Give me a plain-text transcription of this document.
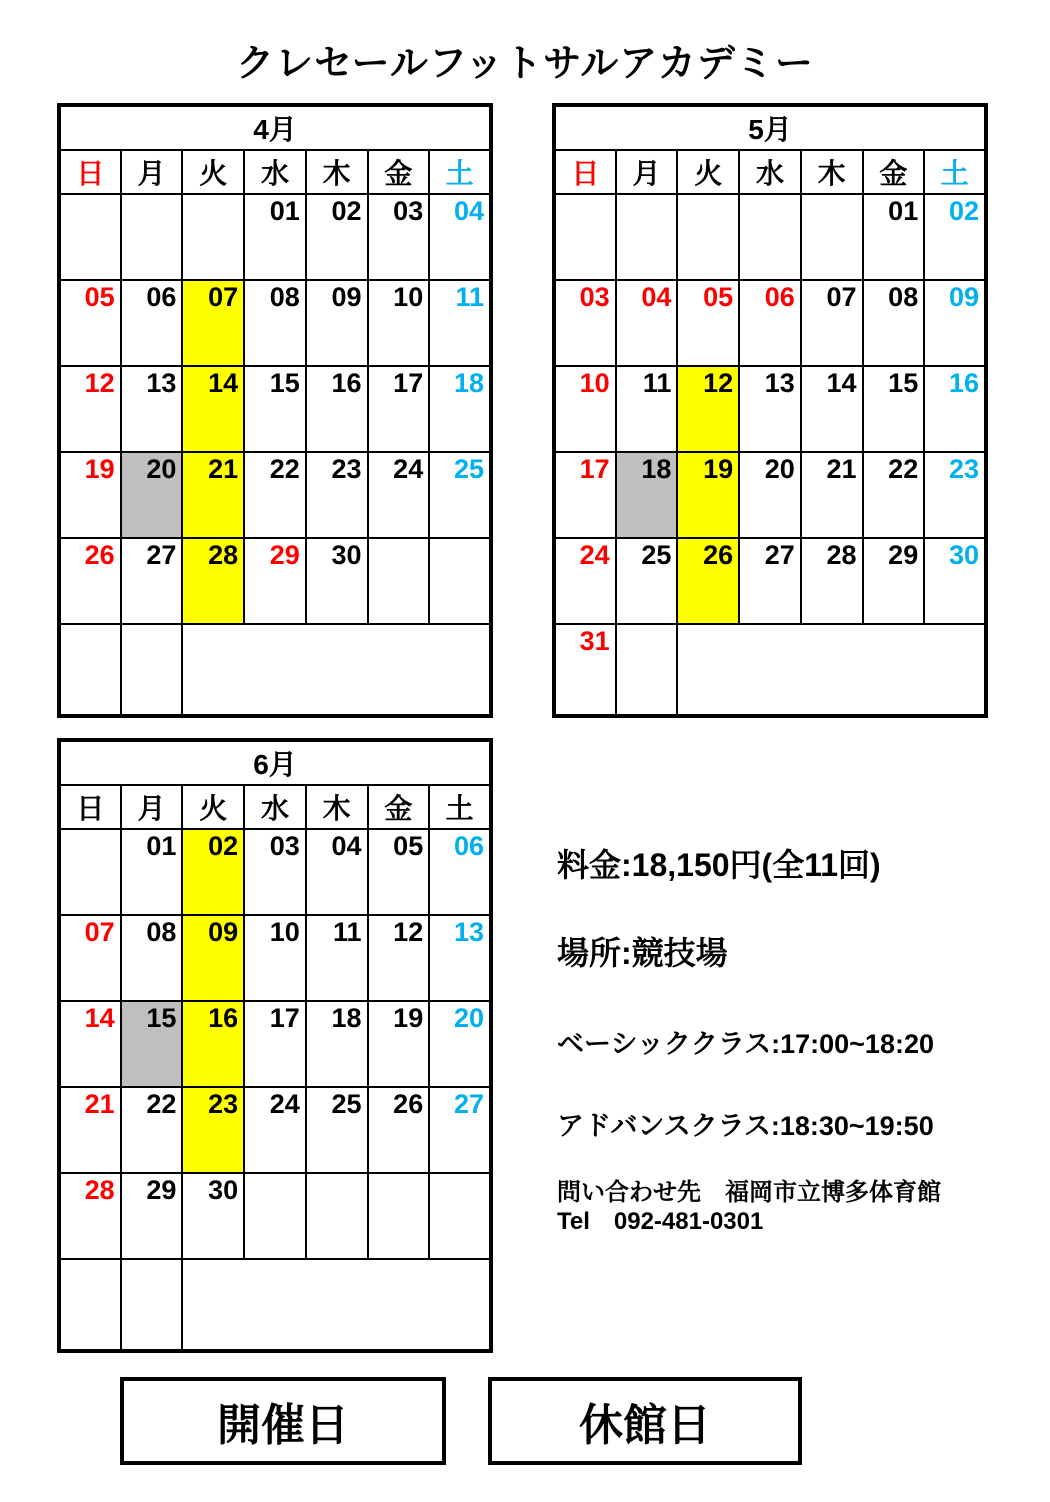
クレセールフットサルアカデミー
4月						
日	月	火	水	木	金	土
			01	02	03	04
05	06	07	08	09	10	11
12	13	14	15	16	17	18
19	20	21	22	23	24	25
26	27	28	29	30		

5月						
日	月	火	水	木	金	土
					01	02
03	04	05	06	07	08	09
10	11	12	13	14	15	16
17	18	19	20	21	22	23
24	25	26	27	28	29	30
31						
6月						
日	月	火	水	木	金	土
	01	02	03	04	05	06
07	08	09	10	11	12	13
14	15	16	17	18	19	20
21	22	23	24	25	26	27
28	29	30				

料金:18,150円(全11回)
場所:競技場
ベーシッククラス:17:00~18:20
アドバンスクラス:18:30~19:50
問い合わせ先　福岡市立博多体育館
Tel　092-481-0301
開催日	休館日
